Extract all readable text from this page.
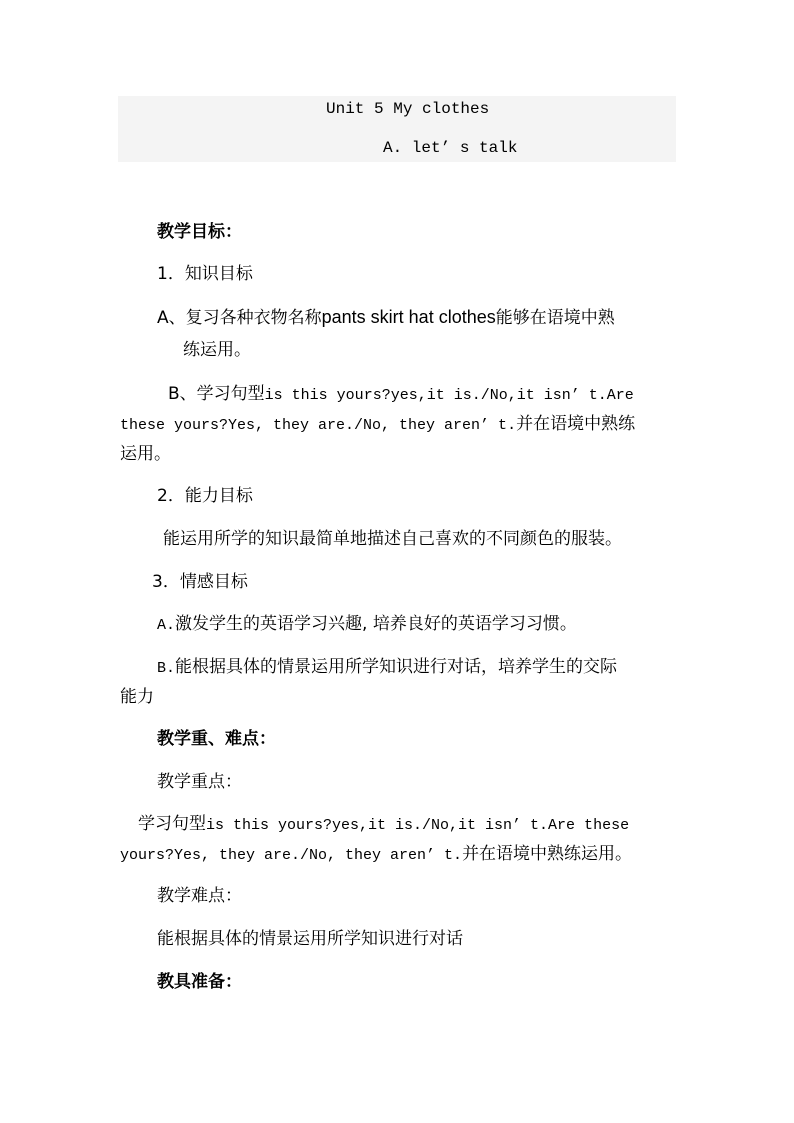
Unit 5 My clothes
A. let’ s talk
教学目标：
1．知识目标
A、复习各种衣物名称pants skirt hat clothes能够在语境中熟
练运用。
B、学习句型is this yours?yes,it is./No,it isn’ t.Are
these yours?Yes, they are./No, they aren’ t.并在语境中熟练
运用。
2．能力目标
能运用所学的知识最简单地描述自己喜欢的不同颜色的服装。
3．情感目标
A.激发学生的英语学习兴趣, 培养良好的英语学习习惯。
B.能根据具体的情景运用所学知识进行对话，培养学生的交际
能力
教学重、难点：
教学重点：
学习句型is this yours?yes,it is./No,it isn’ t.Are these
yours?Yes, they are./No, they aren’ t.并在语境中熟练运用。
教学难点：
能根据具体的情景运用所学知识进行对话
教具准备：
